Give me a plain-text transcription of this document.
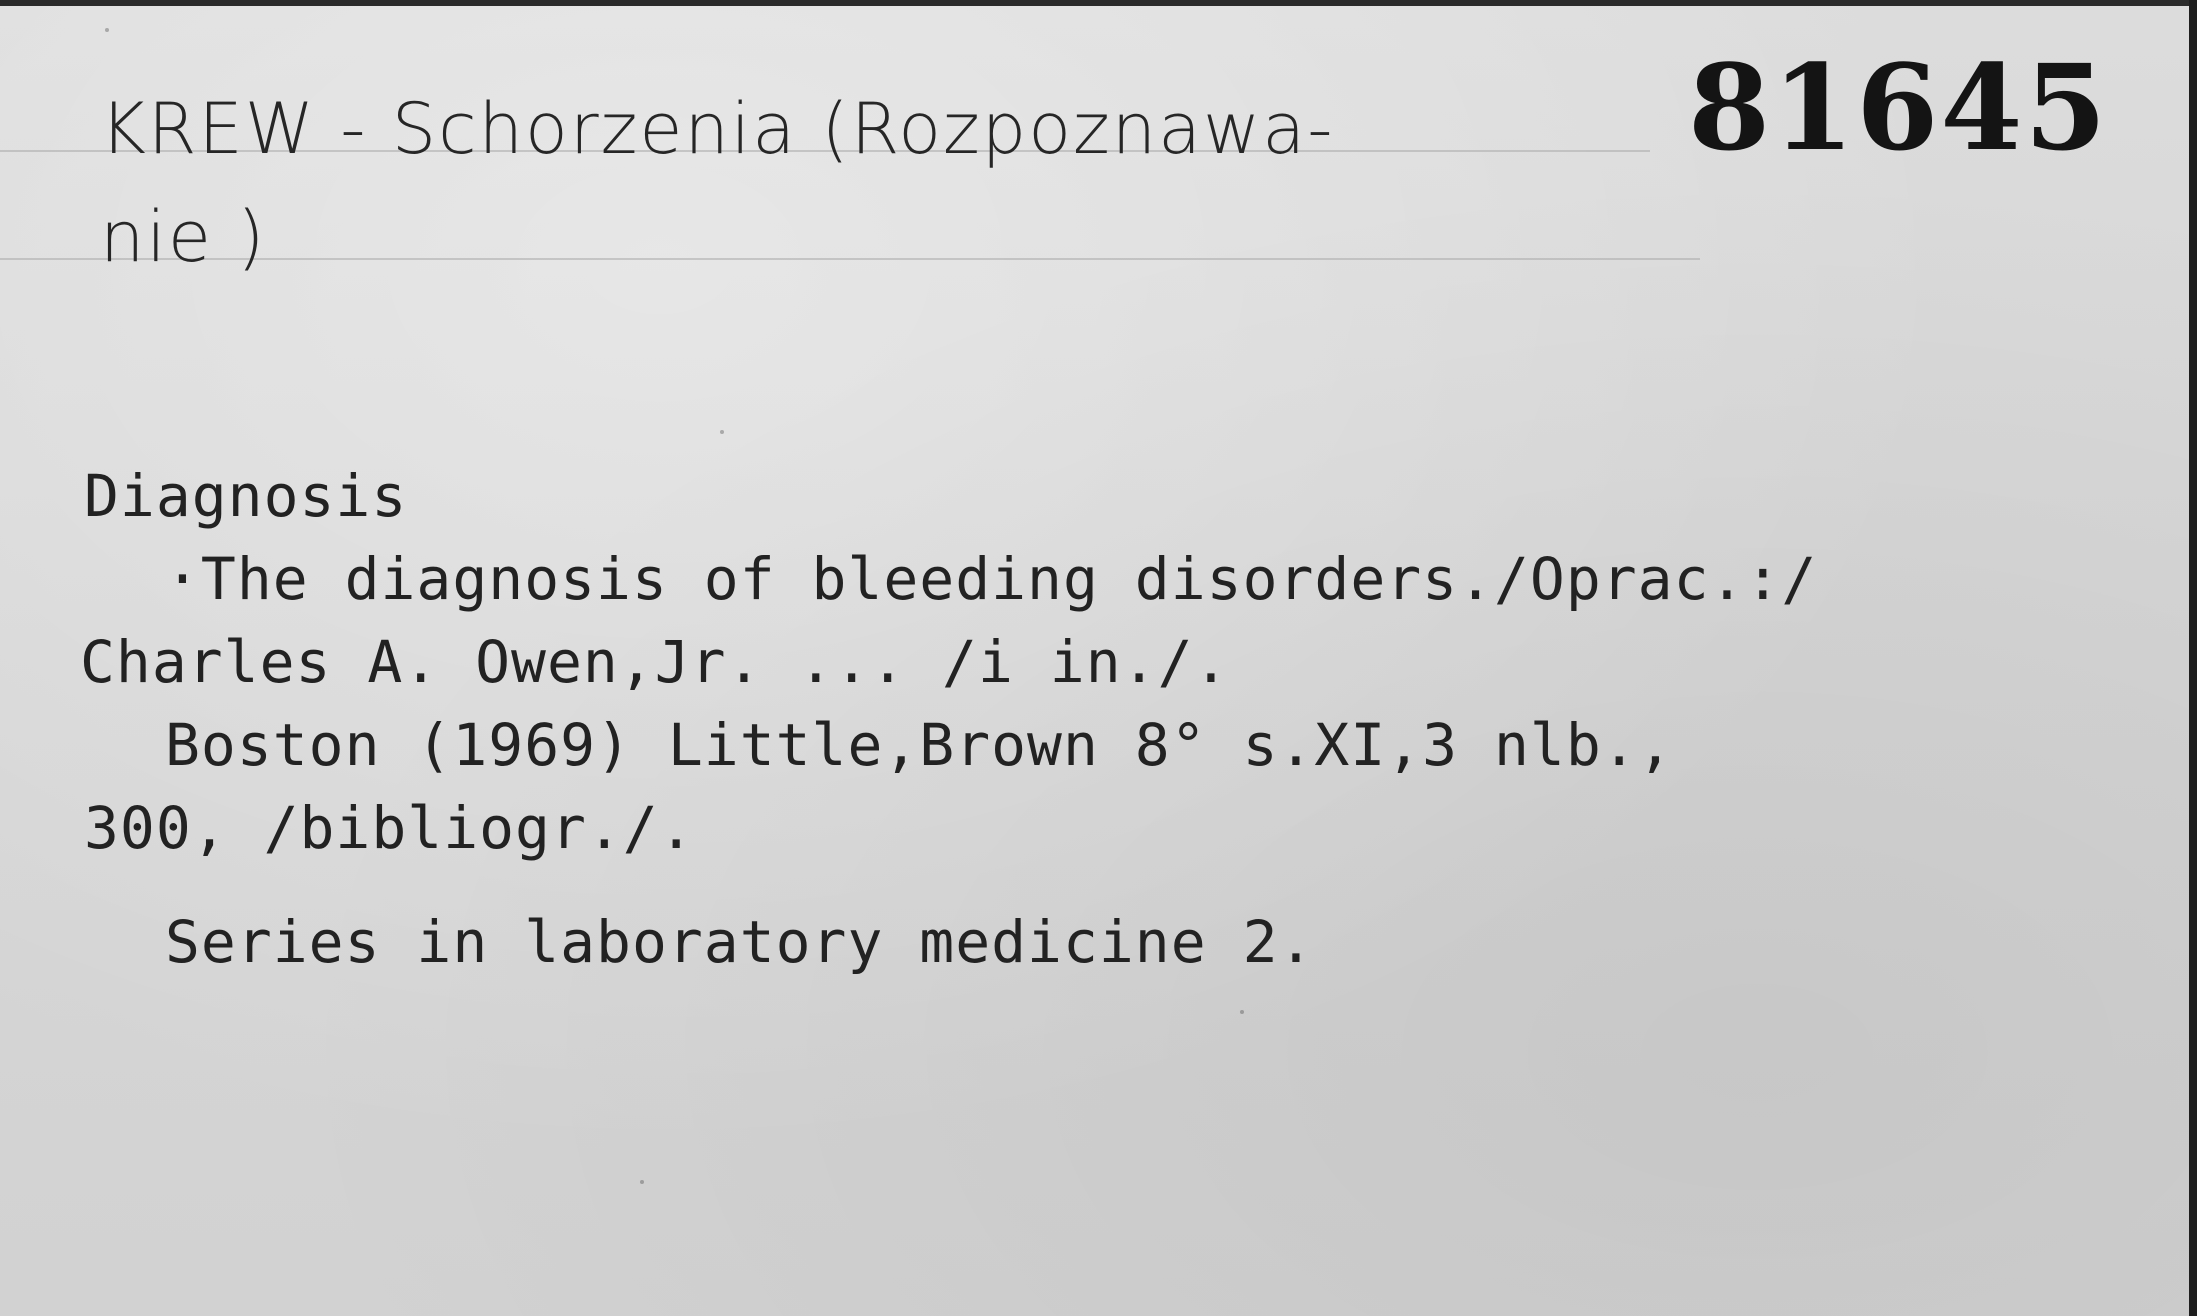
KREW - Schorzenia (Rozpoznawa-
nie )
81645
Diagnosis
·The diagnosis of bleeding disorders./Oprac.:/
Charles A. Owen,Jr. ... /i in./.
Boston (1969) Little,Brown 8° s.XI,3 nlb.,
300, /bibliogr./.
Series in laboratory medicine 2.
